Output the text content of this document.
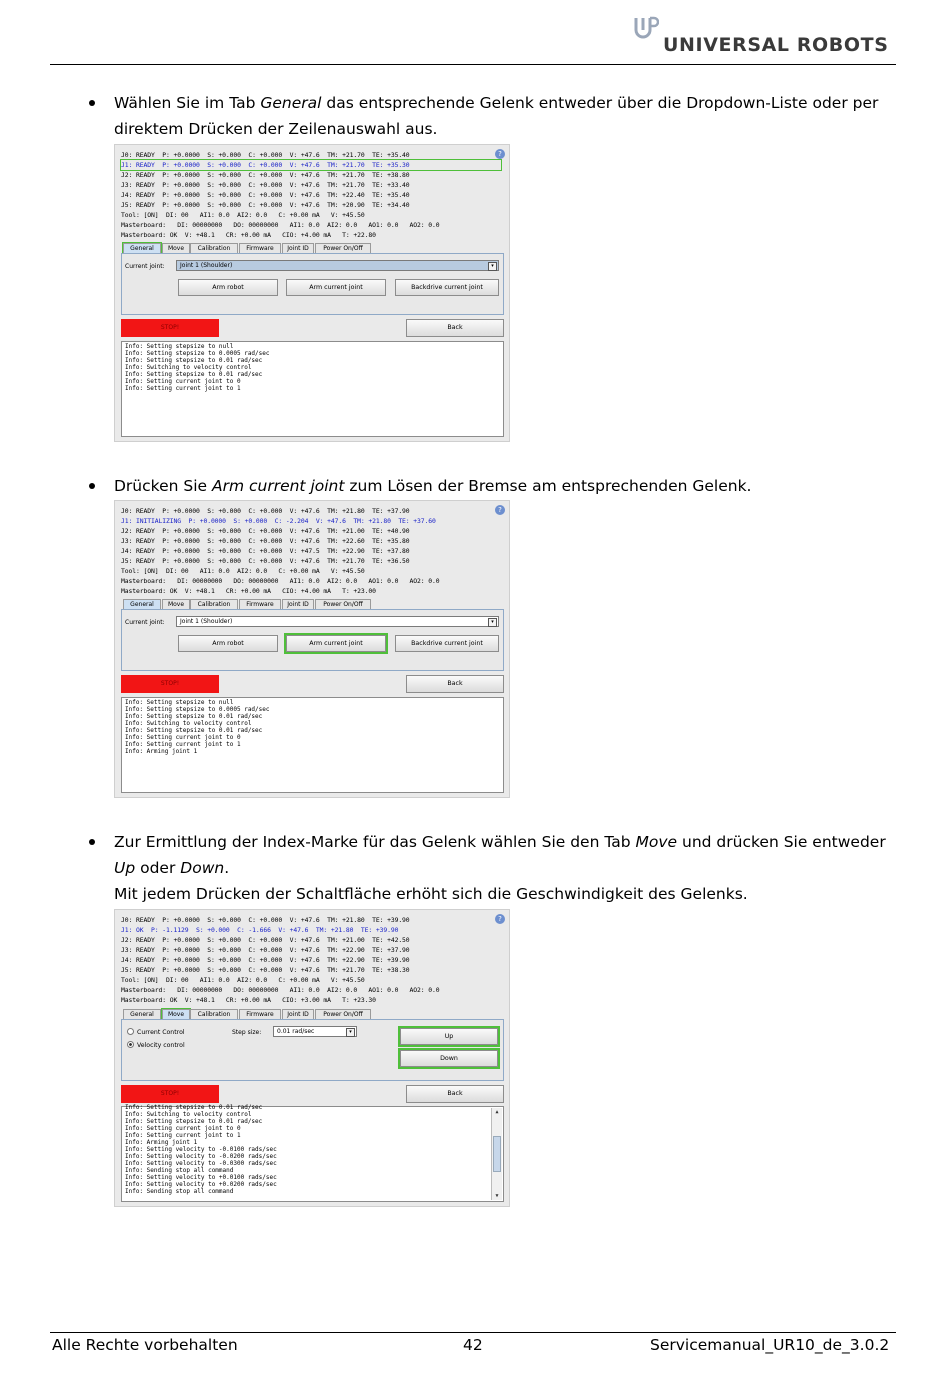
UNIVERSAL ROBOTS
Wählen Sie im Tab General das entsprechende Gelenk entweder über die Dropdown-Liste oder per
direktem Drücken der Zeilenauswahl aus.
?
J0: READY  P: +0.0000  S: +0.000  C: +0.000  V: +47.6  TM: +21.70  TE: +35.40
J1: READY  P: +0.0000  S: +0.000  C: +0.000  V: +47.6  TM: +21.70  TE: +35.30
J2: READY  P: +0.0000  S: +0.000  C: +0.000  V: +47.6  TM: +21.70  TE: +38.80
J3: READY  P: +0.0000  S: +0.000  C: +0.000  V: +47.6  TM: +21.70  TE: +33.40
J4: READY  P: +0.0000  S: +0.000  C: +0.000  V: +47.6  TM: +22.40  TE: +35.40
J5: READY  P: +0.0000  S: +0.000  C: +0.000  V: +47.6  TM: +20.90  TE: +34.40
Tool: [ON]  DI: 00   AI1: 0.0  AI2: 0.0   C: +0.00 mA   V: +45.50
Masterboard:   DI: 00000000   DO: 00000000   AI1: 0.0  AI2: 0.0   AO1: 0.0   AO2: 0.0
Masterboard: OK  V: +48.1   CR: +0.00 mA   CIO: +4.00 mA   T: +22.80
General	Move	Calibration	Firmware	Joint ID	Power On/Off
Current joint:	Joint 1 (Shoulder)	▾
Arm robot	Arm current joint	Backdrive current joint
STOP!	Back
Info: Setting stepsize to null
Info: Setting stepsize to 0.0005 rad/sec
Info: Setting stepsize to 0.01 rad/sec
Info: Switching to velocity control
Info: Setting stepsize to 0.01 rad/sec
Info: Setting current joint to 0
Info: Setting current joint to 1
Drücken Sie Arm current joint zum Lösen der Bremse am entsprechenden Gelenk.
?
J0: READY  P: +0.0000  S: +0.000  C: +0.000  V: +47.6  TM: +21.80  TE: +37.90
J1: INITIALIZING  P: +0.0000  S: +0.000  C: -2.204  V: +47.6  TM: +21.80  TE: +37.60
J2: READY  P: +0.0000  S: +0.000  C: +0.000  V: +47.6  TM: +21.00  TE: +40.90
J3: READY  P: +0.0000  S: +0.000  C: +0.000  V: +47.6  TM: +22.60  TE: +35.80
J4: READY  P: +0.0000  S: +0.000  C: +0.000  V: +47.5  TM: +22.90  TE: +37.80
J5: READY  P: +0.0000  S: +0.000  C: +0.000  V: +47.6  TM: +21.70  TE: +36.50
Tool: [ON]  DI: 00   AI1: 0.0  AI2: 0.0   C: +0.00 mA   V: +45.50
Masterboard:   DI: 00000000   DO: 00000000   AI1: 0.0  AI2: 0.0   AO1: 0.0   AO2: 0.0
Masterboard: OK  V: +48.1   CR: +0.00 mA   CIO: +4.00 mA   T: +23.00
General	Move	Calibration	Firmware	Joint ID	Power On/Off
Current joint:	Joint 1 (Shoulder)	▾
Arm robot	Arm current joint	Backdrive current joint
STOP!	Back
Info: Setting stepsize to null
Info: Setting stepsize to 0.0005 rad/sec
Info: Setting stepsize to 0.01 rad/sec
Info: Switching to velocity control
Info: Setting stepsize to 0.01 rad/sec
Info: Setting current joint to 0
Info: Setting current joint to 1
Info: Arming joint 1
Zur Ermittlung der Index-Marke für das Gelenk wählen Sie den Tab Move und drücken Sie entweder
Up oder Down.
Mit jedem Drücken der Schaltfläche erhöht sich die Geschwindigkeit des Gelenks.
?
J0: READY  P: +0.0000  S: +0.000  C: +0.000  V: +47.6  TM: +21.80  TE: +39.90
J1: OK  P: -1.1129  S: +0.000  C: -1.666  V: +47.6  TM: +21.80  TE: +39.90
J2: READY  P: +0.0000  S: +0.000  C: +0.000  V: +47.6  TM: +21.00  TE: +42.50
J3: READY  P: +0.0000  S: +0.000  C: +0.000  V: +47.6  TM: +22.90  TE: +37.90
J4: READY  P: +0.0000  S: +0.000  C: +0.000  V: +47.6  TM: +22.90  TE: +39.90
J5: READY  P: +0.0000  S: +0.000  C: +0.000  V: +47.6  TM: +21.70  TE: +38.30
Tool: [ON]  DI: 00   AI1: 0.0  AI2: 0.0   C: +0.00 mA   V: +45.50
Masterboard:   DI: 00000000   DO: 00000000   AI1: 0.0  AI2: 0.0   AO1: 0.0   AO2: 0.0
Masterboard: OK  V: +48.1   CR: +0.00 mA   CIO: +3.00 mA   T: +23.30
General	Move	Calibration	Firmware	Joint ID	Power On/Off
Current Control
Velocity control
Step size:	0.01 rad/sec	▾
Up
Down
STOP!	Back
Info: Setting stepsize to 0.01 rad/sec
Info: Switching to velocity control
Info: Setting stepsize to 0.01 rad/sec
Info: Setting current joint to 0
Info: Setting current joint to 1
Info: Arming joint 1
Info: Setting velocity to -0.0100 rads/sec
Info: Setting velocity to -0.0200 rads/sec
Info: Setting velocity to -0.0300 rads/sec
Info: Sending stop all command
Info: Setting velocity to +0.0100 rads/sec
Info: Setting velocity to +0.0200 rads/sec
Info: Sending stop all command
▲
▼
Alle Rechte vorbehalten	42	Servicemanual_UR10_de_3.0.2
